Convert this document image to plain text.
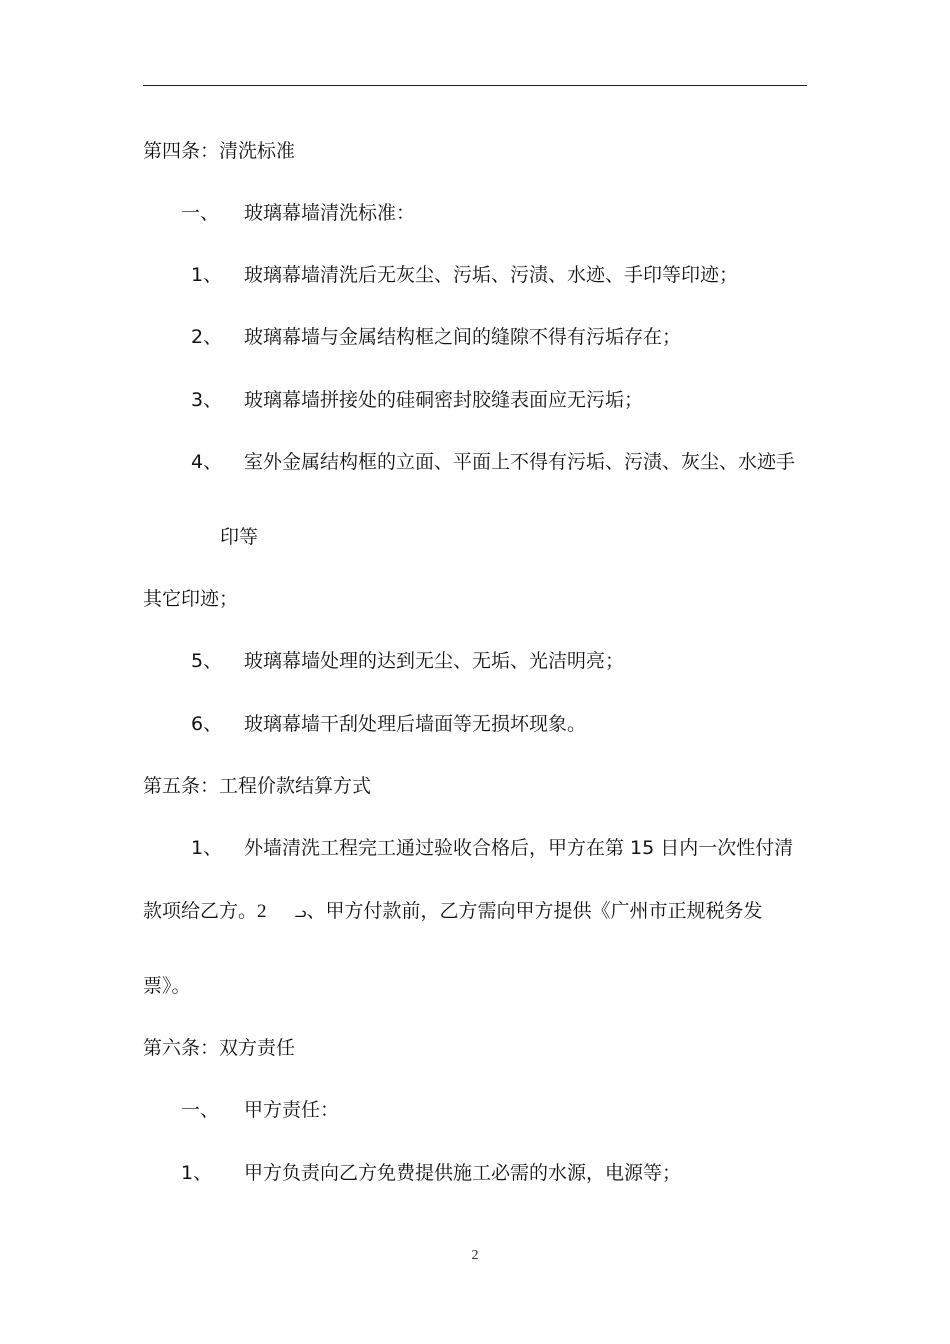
第四条：清洗标准
一、 玻璃幕墙清洗标准：
1、 玻璃幕墙清洗后无灰尘、污垢、污渍、水迹、手印等印迹；
2、 玻璃幕墙与金属结构框之间的缝隙不得有污垢存在；
3、 玻璃幕墙拼接处的硅硐密封胶缝表面应无污垢；
4、 室外金属结构框的立面、平面上不得有污垢、污渍、灰尘、水迹手
印等
其它印迹；
5、 玻璃幕墙处理的达到无尘、无垢、光洁明亮；
6、 玻璃幕墙干刮处理后墙面等无损坏现象。
第五条：工程价款结算方式
1、 外墙清洗工程完工通过验收合格后，甲方在第 15 日内一次性付清
款项给乙方。2 ᓗ、甲方付款前，乙方需向甲方提供《广州市正规税务发
票》。
第六条：双方责任
一、 甲方责任：
1、 甲方负责向乙方免费提供施工必需的水源，电源等；
2
